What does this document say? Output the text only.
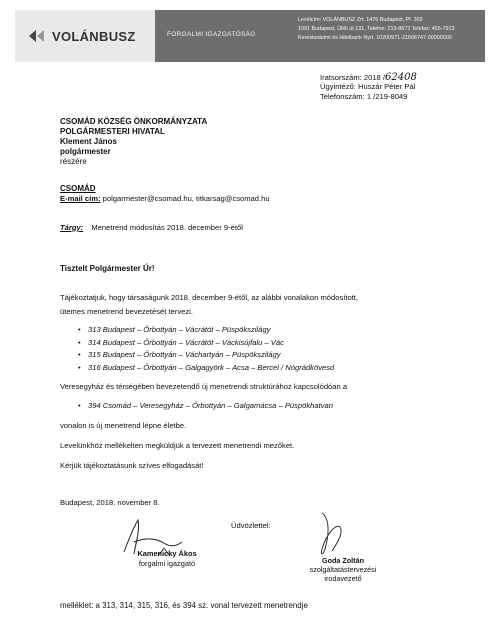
VOLÁNBUSZ	FORGALMI IGAZGATÓSÁG
Levélcím: VOLÁNBUSZ Zrt. 1476 Budapest, Pf. 302
1091 Budapest, Üllői út 131, Telefon: 219-8672 Telefax: 455-7913
Kereskedelmi és Hitelbank Nyrt. 10200971-21606747-00000000
Iratsorszám: 2018 /62408
Ügyintéző: Huszár Péter Pál
Telefonszám: 1 /219-8049
CSOMÁD KÖZSÉG ÖNKORMÁNYZATA
POLGÁRMESTERI HIVATAL
Klement János
polgármester
részére
CSOMÁD
E-mail cím: polgarmester@csomad.hu, titkarsag@csomad.hu
Tárgy: Menetrend módosítás 2018. december 9-étől
Tisztelt Polgármester Úr!
Tájékoztatjuk, hogy társaságunk 2018. december 9-étől, az alábbi vonalakon módosított,
ütemes menetrend bevezetését tervezi.
• 313 Budapest – Őrbottyán – Vácrátót – Püspökszilágy
• 314 Budapest – Őrbottyán – Vácrátót – Váckisújfalu – Vác
• 315 Budapest – Őrbottyán – Váchartyán – Püspökszilágy
• 316 Budapest – Őrbottyán – Galgagyörk – Acsa – Bercel / Nógrádkövesd
Veresegyház és térségében bevezetendő új menetrendi struktúrához kapcsolódóan a
• 394 Csomád – Veresegyház – Őrbottyán – Galgamácsa – Püspökhatvan
vonalon is új menetrend lépne életbe.
Levelünkhöz mellékelten megküldjük a tervezett menetrendi mezőket.
Kérjük tájékoztatásunk szíves elfogadását!
Budapest, 2018. november 8.
Üdvözlettel:
Kamenicky Ákos
forgalmi igazgató	Goda Zoltán
szolgáltatástervezési
irodavezető
melléklet: a 313, 314, 315, 316, és 394 sz. vonal tervezett menetrendje
